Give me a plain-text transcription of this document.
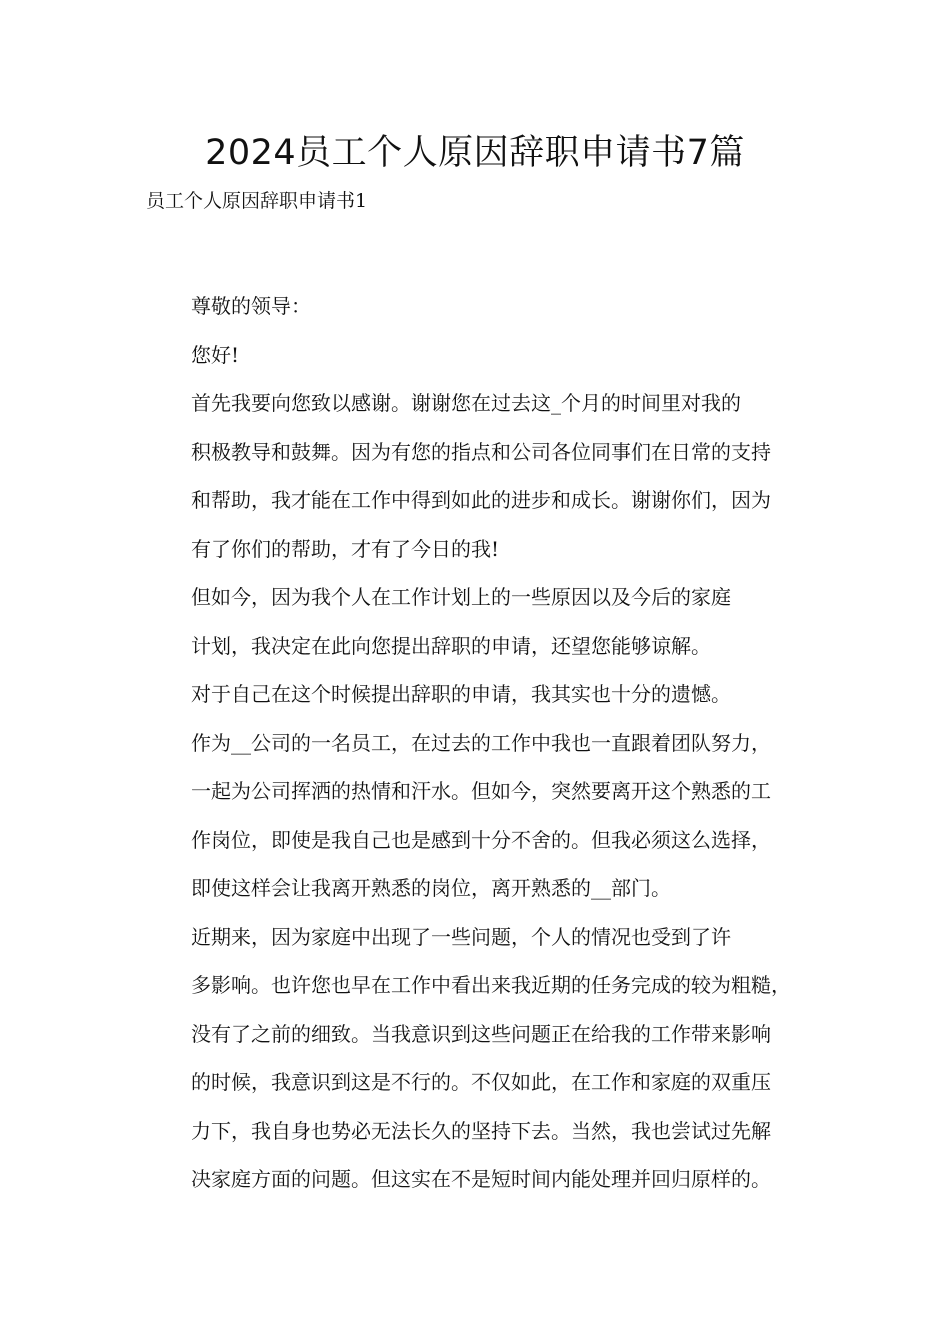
2024员工个人原因辞职申请书7篇

员工个人原因辞职申请书1

尊敬的领导：

您好!

首先我要向您致以感谢。谢谢您在过去这_个月的时间里对我的
积极教导和鼓舞。因为有您的指点和公司各位同事们在日常的支持
和帮助，我才能在工作中得到如此的进步和成长。谢谢你们，因为
有了你们的帮助，才有了今日的我!

但如今，因为我个人在工作计划上的一些原因以及今后的家庭
计划，我决定在此向您提出辞职的申请，还望您能够谅解。

对于自己在这个时候提出辞职的申请，我其实也十分的遗憾。
作为__公司的一名员工，在过去的工作中我也一直跟着团队努力，
一起为公司挥洒的热情和汗水。但如今，突然要离开这个熟悉的工
作岗位，即使是我自己也是感到十分不舍的。但我必须这么选择，
即使这样会让我离开熟悉的岗位，离开熟悉的__部门。

近期来，因为家庭中出现了一些问题，个人的情况也受到了许
多影响。也许您也早在工作中看出来我近期的任务完成的较为粗糙，
没有了之前的细致。当我意识到这些问题正在给我的工作带来影响
的时候，我意识到这是不行的。不仅如此，在工作和家庭的双重压
力下，我自身也势必无法长久的坚持下去。当然，我也尝试过先解
决家庭方面的问题。但这实在不是短时间内能处理并回归原样的。
